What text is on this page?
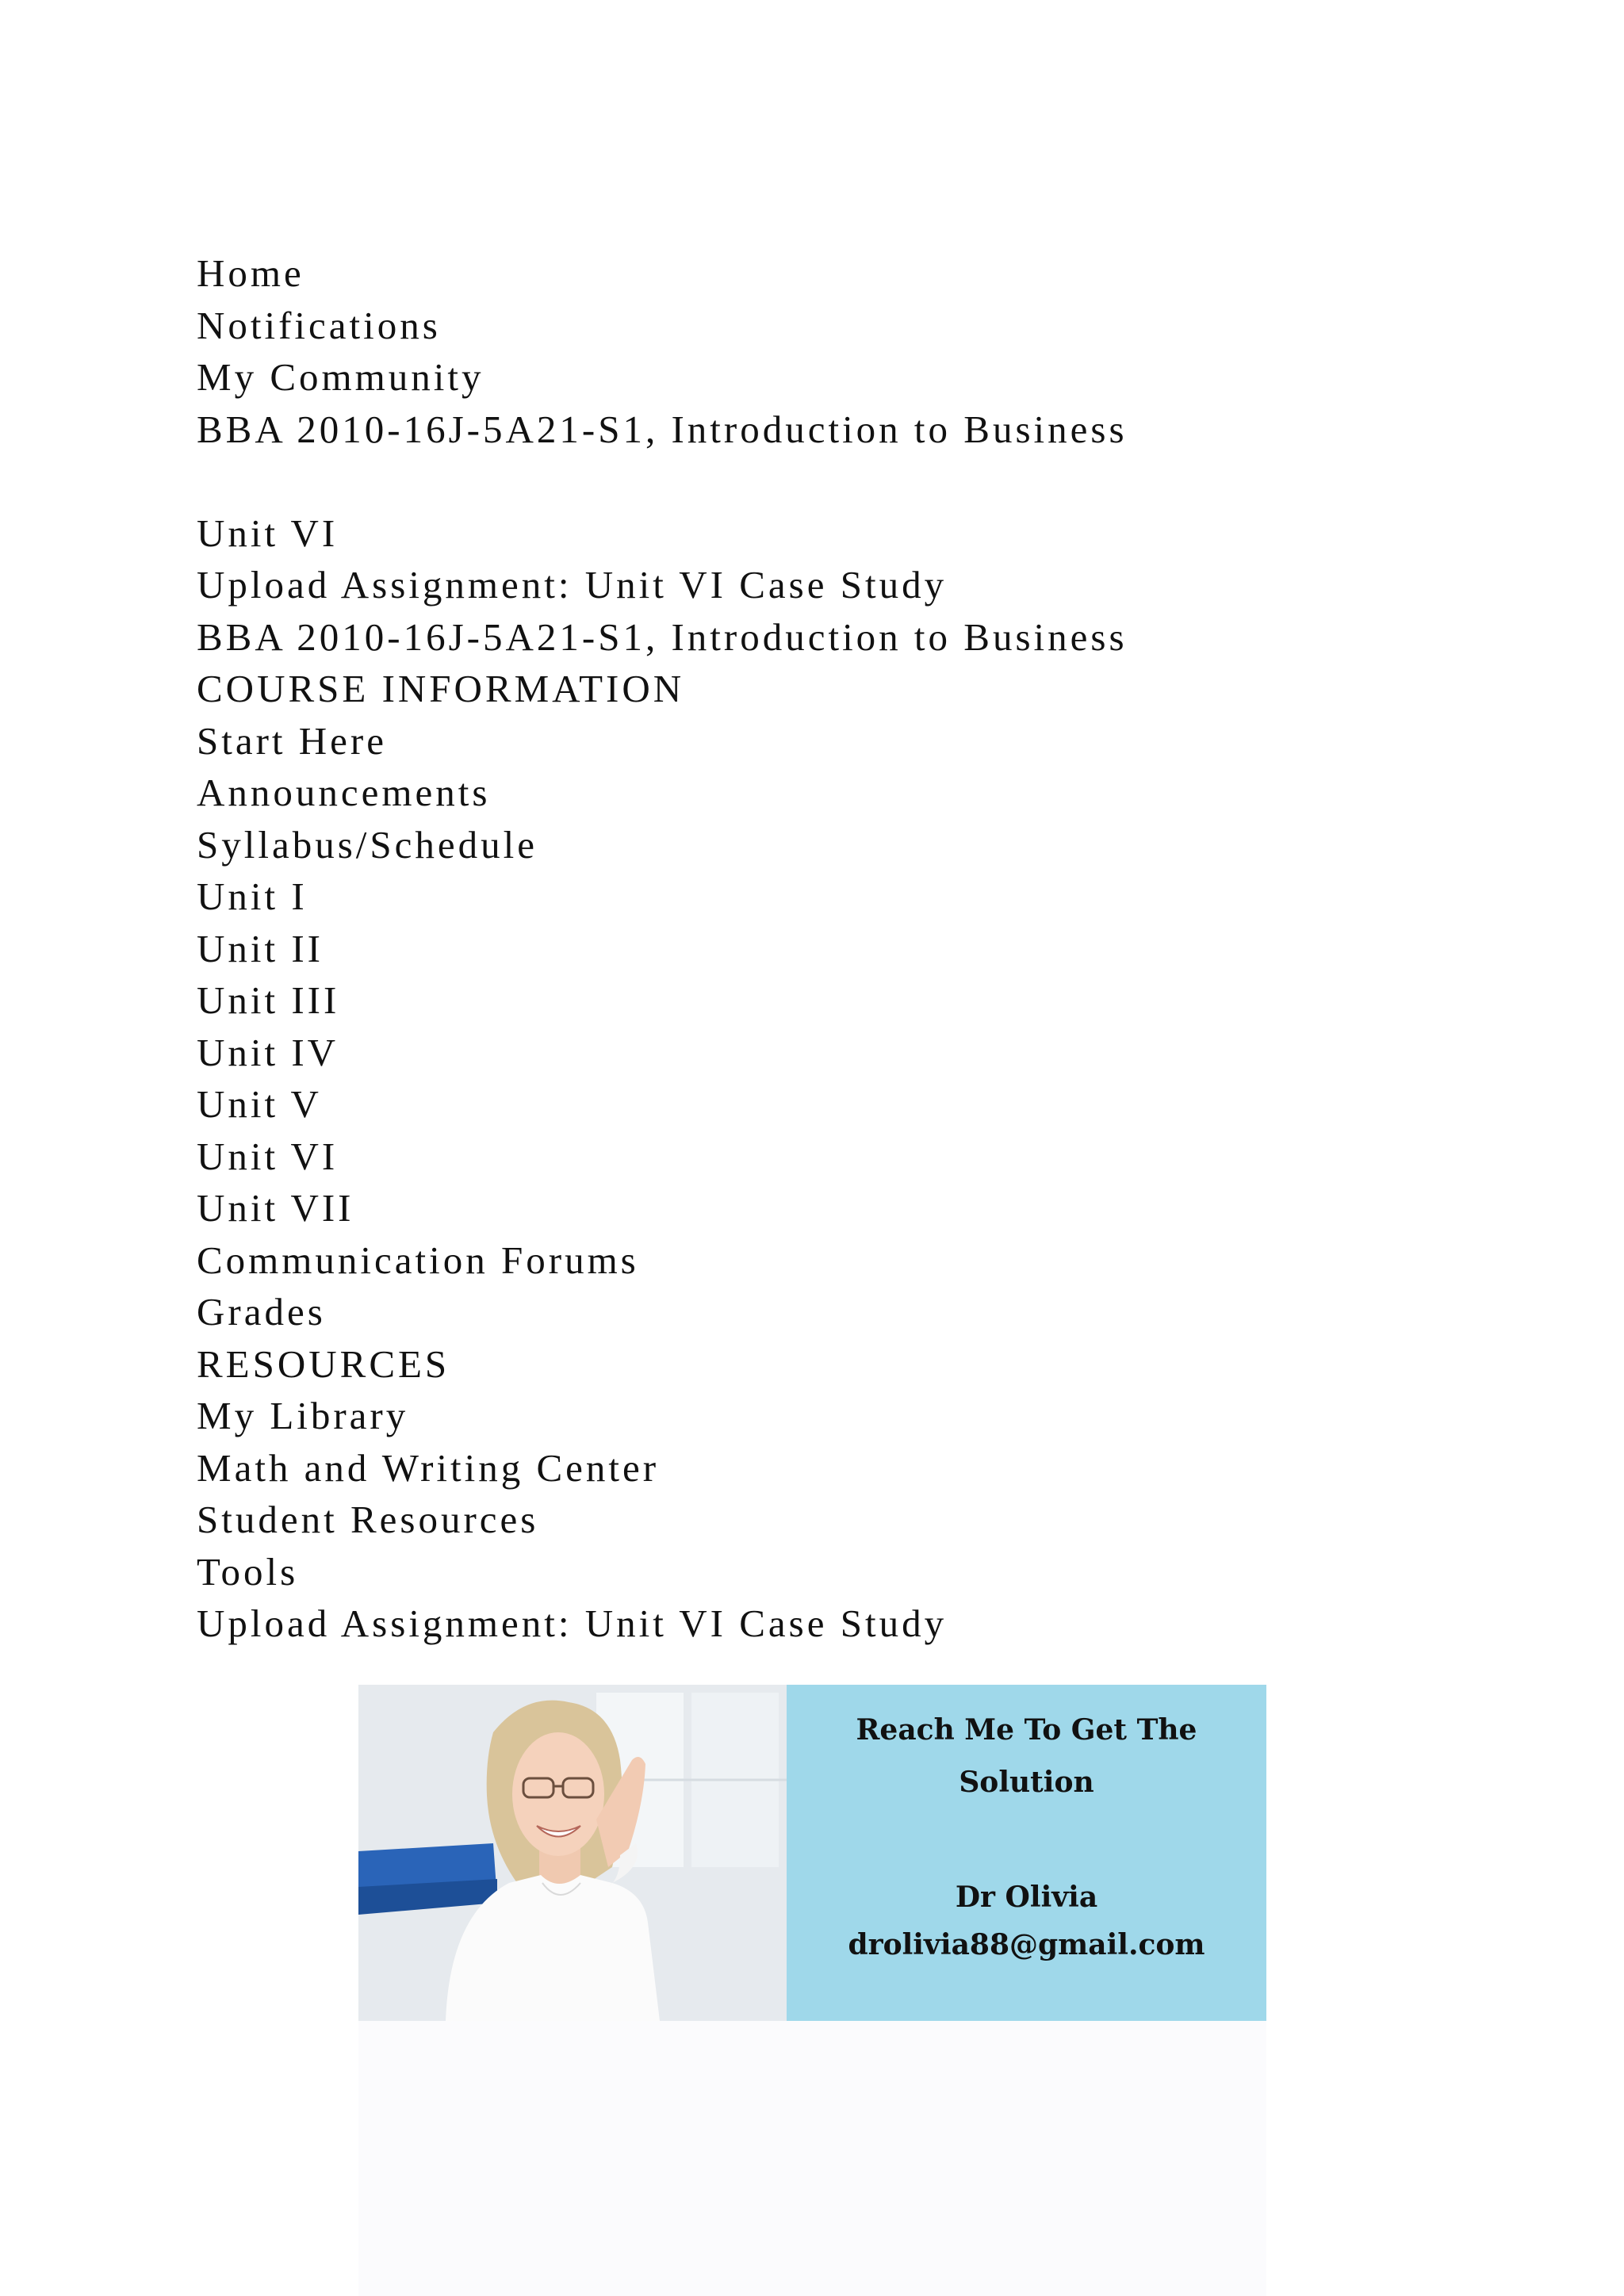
Home
Notifications
My Community
BBA 2010-16J-5A21-S1, Introduction to Business
Unit VI
Upload Assignment: Unit VI Case Study
BBA 2010-16J-5A21-S1, Introduction to Business
COURSE INFORMATION
Start Here
Announcements
Syllabus/Schedule
Unit I
Unit II
Unit III
Unit IV
Unit V
Unit VI
Unit VII
Communication Forums
Grades
RESOURCES
My Library
Math and Writing Center
Student Resources
Tools
Upload Assignment: Unit VI Case Study
Reach Me To Get The
Solution
Dr Olivia
drolivia88@gmail.com
